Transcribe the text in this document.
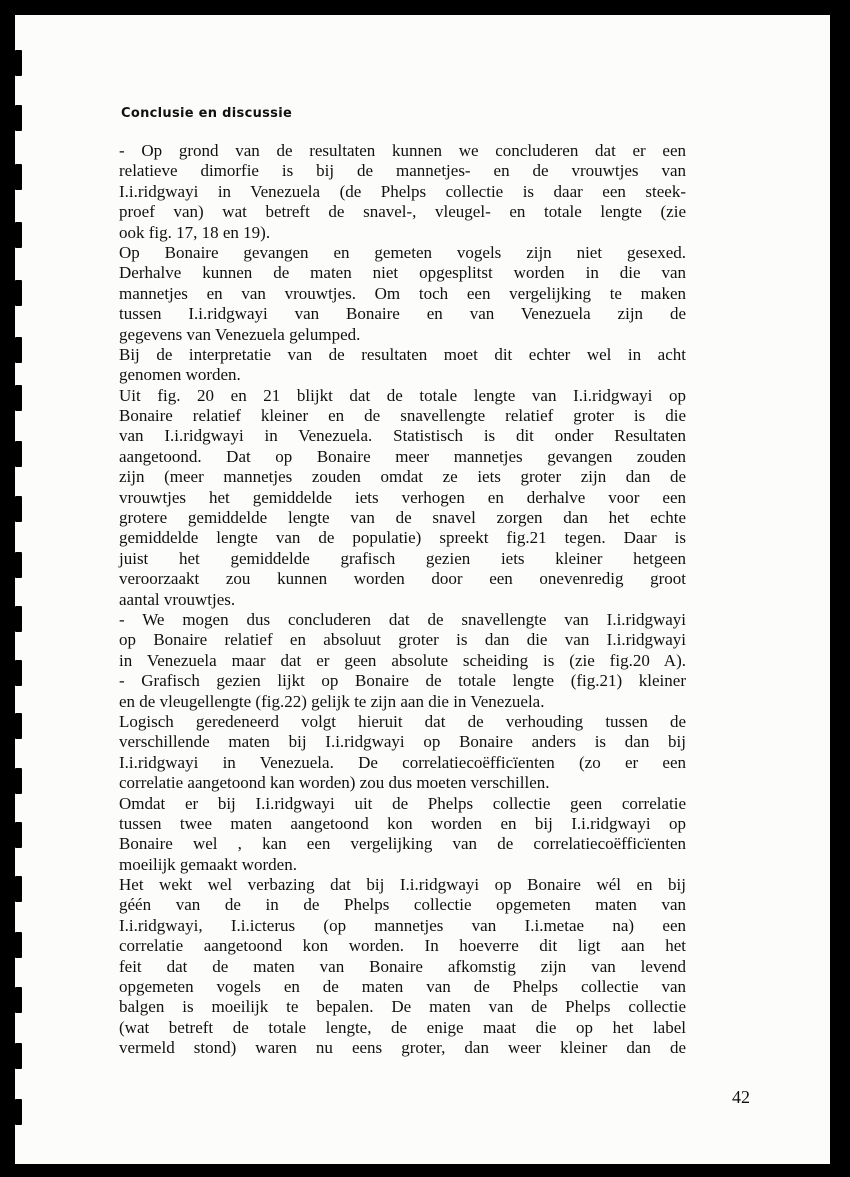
Conclusie en discussie
- Op grond van de resultaten kunnen we concluderen dat er een
relatieve dimorfie is bij de mannetjes- en de vrouwtjes van
I.i.ridgwayi in Venezuela (de Phelps collectie is daar een steek-
proef van) wat betreft de snavel-, vleugel- en totale lengte (zie
ook fig. 17, 18 en 19).
Op Bonaire gevangen en gemeten vogels zijn niet gesexed.
Derhalve kunnen de maten niet opgesplitst worden in die van
mannetjes en van vrouwtjes. Om toch een vergelijking te maken
tussen I.i.ridgwayi van Bonaire en van Venezuela zijn de
gegevens van Venezuela gelumped.
Bij de interpretatie van de resultaten moet dit echter wel in acht
genomen worden.
Uit fig. 20 en 21 blijkt dat de totale lengte van I.i.ridgwayi op
Bonaire relatief kleiner en de snavellengte relatief groter is die
van I.i.ridgwayi in Venezuela. Statistisch is dit onder Resultaten
aangetoond. Dat op Bonaire meer mannetjes gevangen zouden
zijn (meer mannetjes zouden omdat ze iets groter zijn dan de
vrouwtjes het gemiddelde iets verhogen en derhalve voor een
grotere gemiddelde lengte van de snavel zorgen dan het echte
gemiddelde lengte van de populatie) spreekt fig.21 tegen. Daar is
juist het gemiddelde grafisch gezien iets kleiner hetgeen
veroorzaakt zou kunnen worden door een onevenredig groot
aantal vrouwtjes.
- We mogen dus concluderen dat de snavellengte van I.i.ridgwayi
op Bonaire relatief en absoluut groter is dan die van I.i.ridgwayi
in Venezuela maar dat er geen absolute scheiding is (zie fig.20 A).
- Grafisch gezien lijkt op Bonaire de totale lengte (fig.21) kleiner
en de vleugellengte (fig.22) gelijk te zijn aan die in Venezuela.
Logisch geredeneerd volgt hieruit dat de verhouding tussen de
verschillende maten bij I.i.ridgwayi op Bonaire anders is dan bij
I.i.ridgwayi in Venezuela. De correlatiecoëfficïenten (zo er een
correlatie aangetoond kan worden) zou dus moeten verschillen.
Omdat er bij I.i.ridgwayi uit de Phelps collectie geen correlatie
tussen twee maten aangetoond kon worden en bij I.i.ridgwayi op
Bonaire wel , kan een vergelijking van de correlatiecoëfficïenten
moeilijk gemaakt worden.
Het wekt wel verbazing dat bij I.i.ridgwayi op Bonaire wél en bij
géén van de in de Phelps collectie opgemeten maten van
I.i.ridgwayi, I.i.icterus (op mannetjes van I.i.metae na) een
correlatie aangetoond kon worden. In hoeverre dit ligt aan het
feit dat de maten van Bonaire afkomstig zijn van levend
opgemeten vogels en de maten van de Phelps collectie van
balgen is moeilijk te bepalen. De maten van de Phelps collectie
(wat betreft de totale lengte, de enige maat die op het label
vermeld stond) waren nu eens groter, dan weer kleiner dan de
42
